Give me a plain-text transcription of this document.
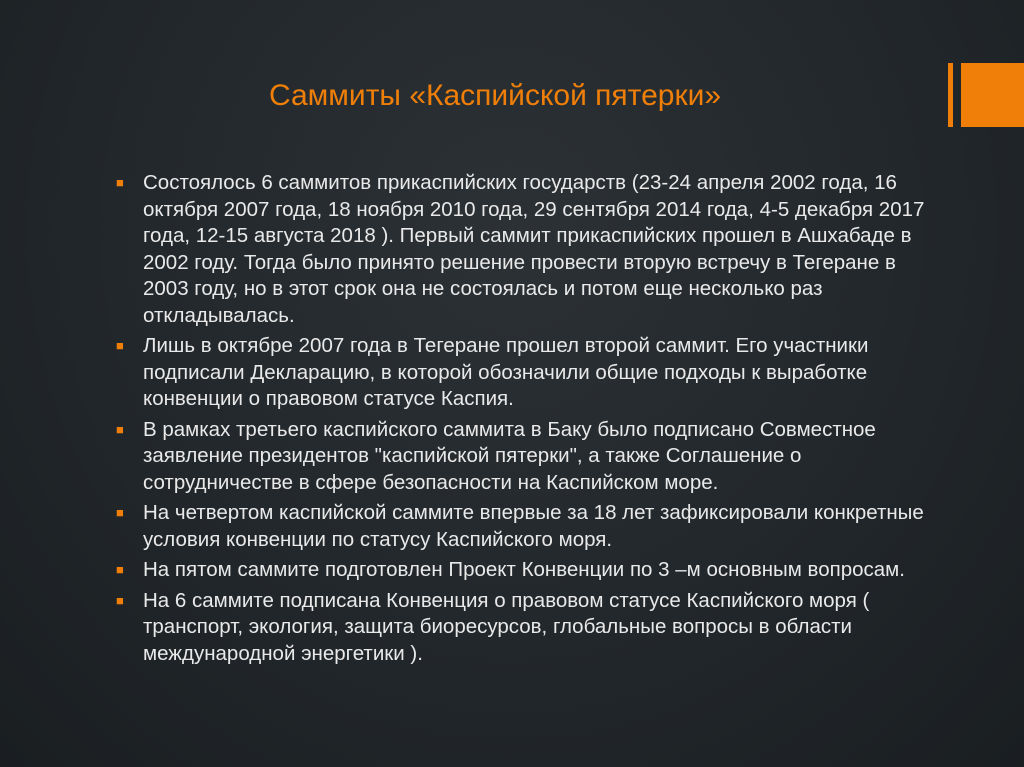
Саммиты «Каспийской пятерки»
■ Состоялось 6 саммитов прикаспийских государств (23-24 апреля 2002 года, 16 октября 2007 года, 18 ноября 2010 года, 29 сентября 2014 года, 4-5 декабря 2017 года, 12-15 августа 2018 ). Первый саммит прикаспийских прошел в Ашхабаде в 2002 году. Тогда было принято решение провести вторую встречу в Тегеране в 2003 году, но в этот срок она не состоялась и потом еще несколько раз откладывалась.
■ Лишь в октябре 2007 года в Тегеране прошел второй саммит. Его участники подписали Декларацию, в которой обозначили общие подходы к выработке конвенции о правовом статусе Каспия.
■ В рамках третьего каспийского саммита в Баку было подписано Совместное заявление президентов "каспийской пятерки", а также Соглашение о сотрудничестве в сфере безопасности на Каспийском море.
■ На четвертом каспийской саммите впервые за 18 лет зафиксировали конкретные условия конвенции по статусу Каспийского моря.
■ На пятом саммите подготовлен Проект Конвенции по 3 –м основным вопросам.
■ На 6 саммите подписана Конвенция о правовом статусе Каспийского моря ( транспорт, экология, защита биоресурсов, глобальные вопросы в области международной энергетики ).
